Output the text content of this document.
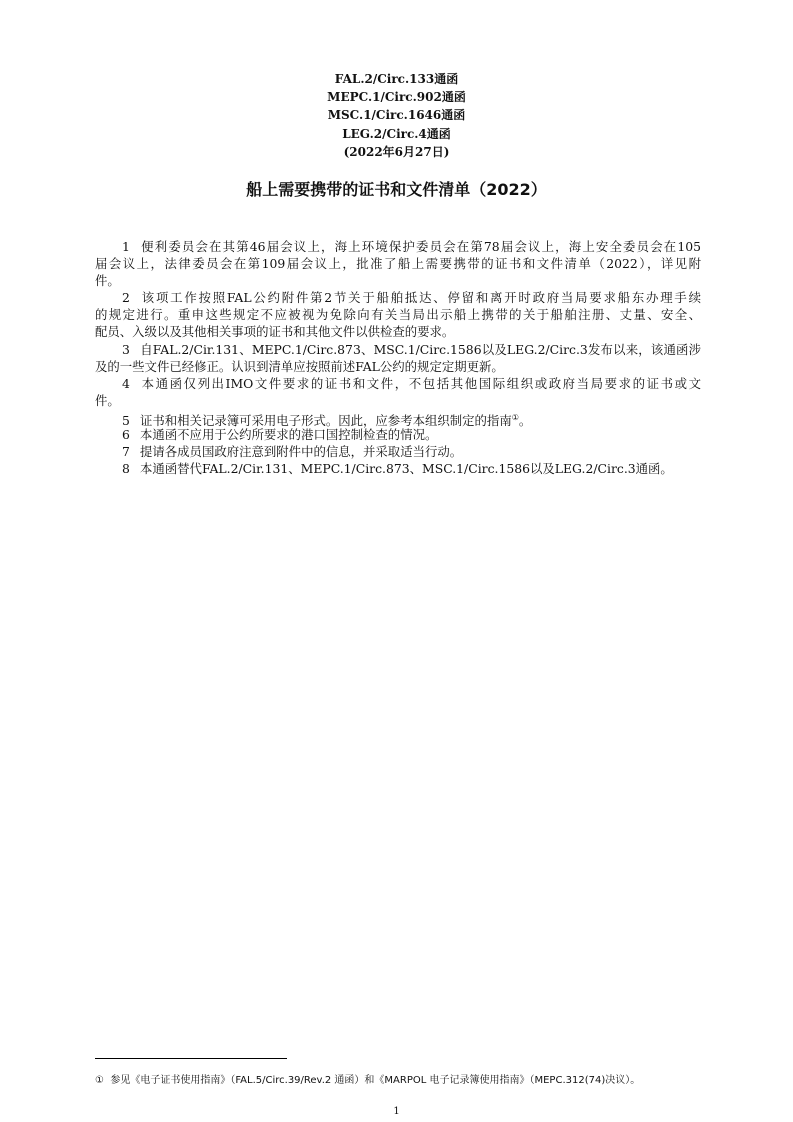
FAL.2/Circ.133通函
MEPC.1/Circ.902通函
MSC.1/Circ.1646通函
LEG.2/Circ.4通函
(2022年6月27日)
船上需要携带的证书和文件清单（2022）
1 便利委员会在其第46届会议上，海上环境保护委员会在第78届会议上，海上安全委员会在105
届会议上，法律委员会在第109届会议上，批准了船上需要携带的证书和文件清单（2022），详见附
件。
2 该项工作按照FAL公约附件第2节关于船舶抵达、停留和离开时政府当局要求船东办理手续
的规定进行。重申这些规定不应被视为免除向有关当局出示船上携带的关于船舶注册、丈量、安全、
配员、入级以及其他相关事项的证书和其他文件以供检查的要求。
3 自FAL.2/Cir.131、MEPC.1/Circ.873、MSC.1/Circ.1586以及LEG.2/Circ.3发布以来，该通函涉
及的一些文件已经修正。认识到清单应按照前述FAL公约的规定定期更新。
4 本通函仅列出IMO文件要求的证书和文件，不包括其他国际组织或政府当局要求的证书或文
件。
5 证书和相关记录簿可采用电子形式。因此，应参考本组织制定的指南①。
6 本通函不应用于公约所要求的港口国控制检查的情况。
7 提请各成员国政府注意到附件中的信息，并采取适当行动。
8 本通函替代FAL.2/Cir.131、MEPC.1/Circ.873、MSC.1/Circ.1586以及LEG.2/Circ.3通函。
① 参见《电子证书使用指南》（FAL.5/Circ.39/Rev.2 通函）和《MARPOL 电子记录簿使用指南》（MEPC.312(74)决议）。
1
